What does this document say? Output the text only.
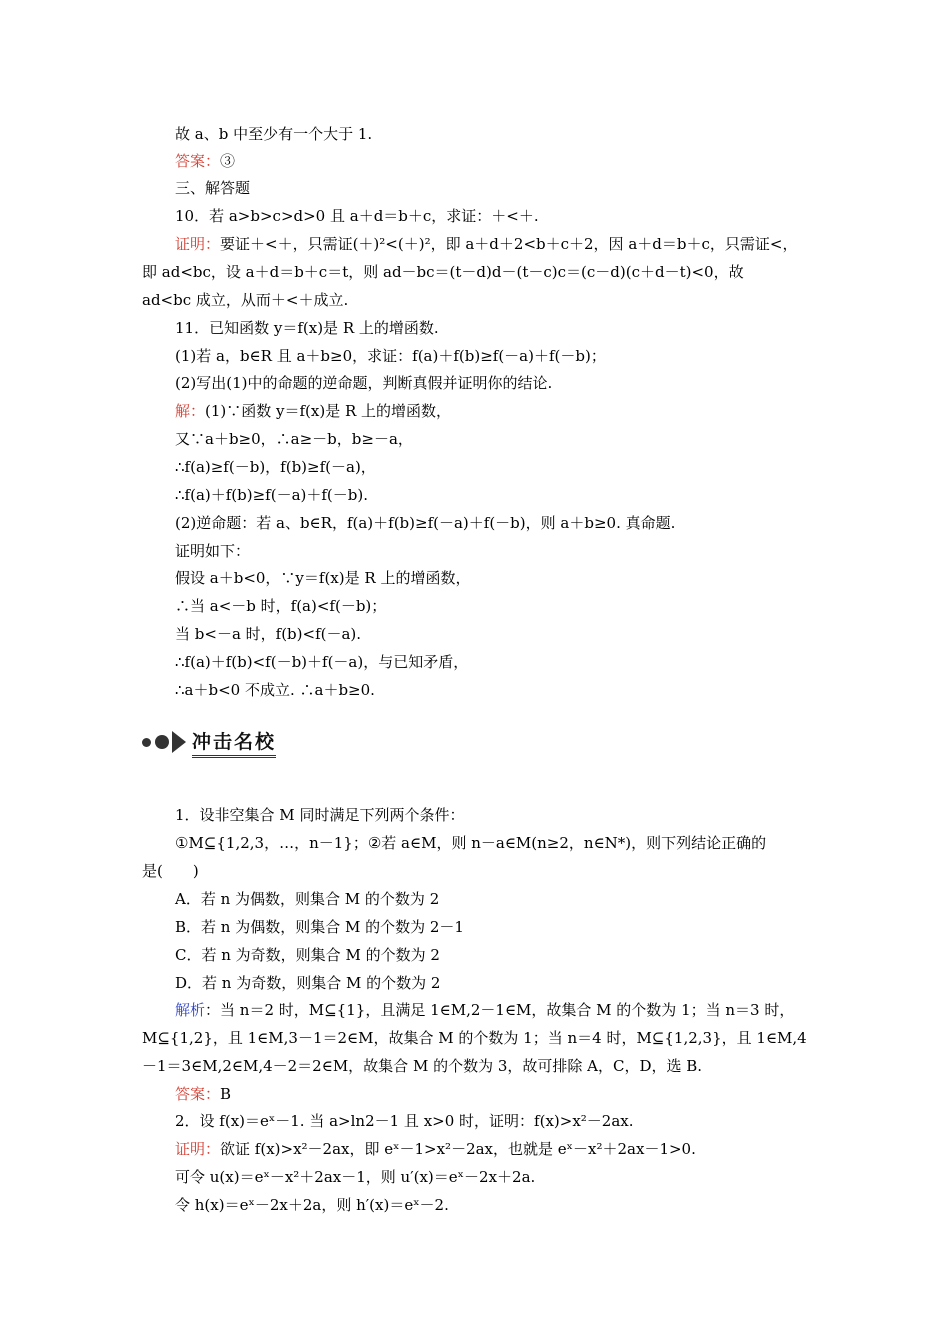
故 a、b 中至少有一个大于 1.
答案：③
三、解答题
10．若 a>b>c>d>0 且 a＋d＝b＋c，求证：＋<＋.
证明：要证＋<＋，只需证(＋)²<(＋)²，即 a＋d＋2<b＋c＋2，因 a＋d＝b＋c，只需证<，
即 ad<bc，设 a＋d＝b＋c＝t，则 ad－bc＝(t－d)d－(t－c)c＝(c－d)(c＋d－t)<0，故
ad<bc 成立，从而＋<＋成立.
11．已知函数 y＝f(x)是 R 上的增函数.
(1)若 a，b∈R 且 a＋b≥0，求证：f(a)＋f(b)≥f(－a)＋f(－b)；
(2)写出(1)中的命题的逆命题，判断真假并证明你的结论.
解：(1)∵函数 y＝f(x)是 R 上的增函数，
又∵a＋b≥0，∴a≥－b，b≥－a，
∴f(a)≥f(－b)，f(b)≥f(－a)，
∴f(a)＋f(b)≥f(－a)＋f(－b).
(2)逆命题：若 a、b∈R，f(a)＋f(b)≥f(－a)＋f(－b)，则 a＋b≥0. 真命题.
证明如下：
假设 a＋b<0，∵y＝f(x)是 R 上的增函数，
∴当 a<－b 时，f(a)<f(－b)；
当 b<－a 时，f(b)<f(－a).
∴f(a)＋f(b)<f(－b)＋f(－a)，与已知矛盾，
∴a＋b<0 不成立. ∴a＋b≥0.
冲击名校
1．设非空集合 M 同时满足下列两个条件：
①M⊆{1,2,3，…，n－1}；②若 a∈M，则 n－a∈M(n≥2，n∈N*)，则下列结论正确的
是(　　)
A．若 n 为偶数，则集合 M 的个数为 2
B．若 n 为偶数，则集合 M 的个数为 2－1
C．若 n 为奇数，则集合 M 的个数为 2
D．若 n 为奇数，则集合 M 的个数为 2
解析：当 n＝2 时，M⊆{1}，且满足 1∈M,2－1∈M，故集合 M 的个数为 1；当 n＝3 时，
M⊆{1,2}，且 1∈M,3－1＝2∈M，故集合 M 的个数为 1；当 n＝4 时，M⊆{1,2,3}，且 1∈M,4
－1＝3∈M,2∈M,4－2＝2∈M，故集合 M 的个数为 3，故可排除 A，C，D，选 B.
答案：B
2．设 f(x)＝eˣ－1. 当 a>ln2－1 且 x>0 时，证明：f(x)>x²－2ax.
证明：欲证 f(x)>x²－2ax，即 eˣ－1>x²－2ax，也就是 eˣ－x²＋2ax－1>0.
可令 u(x)＝eˣ－x²＋2ax－1，则 u′(x)＝eˣ－2x＋2a.
令 h(x)＝eˣ－2x＋2a，则 h′(x)＝eˣ－2.
